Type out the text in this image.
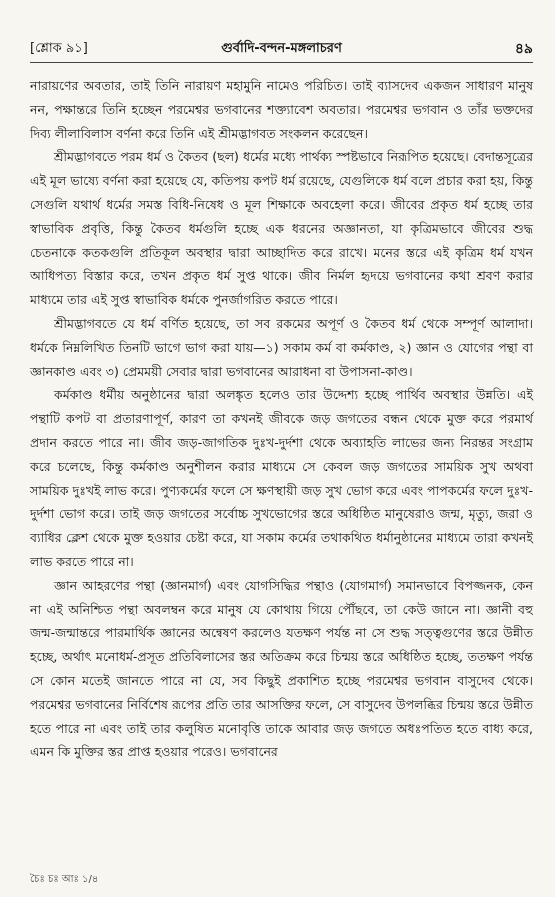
[শ্লোক ৯১]	গুর্বাদি-বন্দন-মঙ্গলাচরণ	৪৯

নারায়ণের অবতার, তাই তিনি নারায়ণ মহামুনি নামেও পরিচিত। তাই ব্যাসদেব একজন সাধারণ মানুষ নন, পক্ষান্তরে তিনি হচ্ছেন পরমেশ্বর ভগবানের শক্ত্যাবেশ অবতার। পরমেশ্বর ভগবান ও তাঁর ভক্তদের দিব্য লীলাবিলাস বর্ণনা করে তিনি এই শ্রীমদ্ভাগবত সংকলন করেছেন।

শ্রীমদ্ভাগবতে পরম ধর্ম ও কৈতব (ছল) ধর্মের মধ্যে পার্থক্য স্পষ্টভাবে নিরূপিত হয়েছে। বেদান্তসূত্রের এই মূল ভাষ্যে বর্ণনা করা হয়েছে যে, কতিপয় কপট ধর্ম রয়েছে, যেগুলিকে ধর্ম বলে প্রচার করা হয়, কিন্তু সেগুলি যথার্থ ধর্মের সমস্ত বিধি-নিষেধ ও মূল শিক্ষাকে অবহেলা করে। জীবের প্রকৃত ধর্ম হচ্ছে তার স্বাভাবিক প্রবৃত্তি, কিন্তু কৈতব ধর্মগুলি হচ্ছে এক ধরনের অজ্ঞানতা, যা কৃত্রিমভাবে জীবের শুদ্ধ চেতনাকে কতকগুলি প্রতিকূল অবস্থার দ্বারা আচ্ছাদিত করে রাখে। মনের স্তরে এই কৃত্রিম ধর্ম যখন আধিপত্য বিস্তার করে, তখন প্রকৃত ধর্ম সুপ্ত থাকে। জীব নির্মল হৃদয়ে ভগবানের কথা শ্রবণ করার মাধ্যমে তার এই সুপ্ত স্বাভাবিক ধর্মকে পুনর্জাগরিত করতে পারে।

শ্রীমদ্ভাগবতে যে ধর্ম বর্ণিত হয়েছে, তা সব রকমের অপূর্ণ ও কৈতব ধর্ম থেকে সম্পূর্ণ আলাদা। ধর্মকে নিম্নলিখিত তিনটি ভাগে ভাগ করা যায়—১) সকাম কর্ম বা কর্মকাণ্ড, ২) জ্ঞান ও যোগের পন্থা বা জ্ঞানকাণ্ড এবং ৩) প্রেমময়ী সেবার দ্বারা ভগবানের আরাধনা বা উপাসনা-কাণ্ড।

কর্মকাণ্ড ধর্মীয় অনুষ্ঠানের দ্বারা অলঙ্কৃত হলেও তার উদ্দেশ্য হচ্ছে পার্থিব অবস্থার উন্নতি। এই পন্থাটি কপট বা প্রতারণাপূর্ণ, কারণ তা কখনই জীবকে জড় জগতের বন্ধন থেকে মুক্ত করে পরমার্থ প্রদান করতে পারে না। জীব জড়-জাগতিক দুঃখ-দুর্দশা থেকে অব্যাহতি লাভের জন্য নিরন্তর সংগ্রাম করে চলেছে, কিন্তু কর্মকাণ্ড অনুশীলন করার মাধ্যমে সে কেবল জড় জগতের সাময়িক সুখ অথবা সাময়িক দুঃখই লাভ করে। পুণ্যকর্মের ফলে সে ক্ষণস্থায়ী জড় সুখ ভোগ করে এবং পাপকর্মের ফলে দুঃখ-দুর্দশা ভোগ করে। তাই জড় জগতের সর্বোচ্চ সুখভোগের স্তরে অধিষ্ঠিত মানুষেরাও জন্ম, মৃত্যু, জরা ও ব্যাধির ক্লেশ থেকে মুক্ত হওয়ার চেষ্টা করে, যা সকাম কর্মের তথাকথিত ধর্মানুষ্ঠানের মাধ্যমে তারা কখনই লাভ করতে পারে না।

জ্ঞান আহরণের পন্থা (জ্ঞানমার্গ) এবং যোগসিদ্ধির পন্থাও (যোগমার্গ) সমানভাবে বিপজ্জনক, কেন না এই অনিশ্চিত পন্থা অবলম্বন করে মানুষ যে কোথায় গিয়ে পৌঁছবে, তা কেউ জানে না। জ্ঞানী বহু জন্ম-জন্মান্তরে পারমার্থিক জ্ঞানের অন্বেষণ করলেও যতক্ষণ পর্যন্ত না সে শুদ্ধ সত্ত্বগুণের স্তরে উন্নীত হচ্ছে, অর্থাৎ মনোধর্ম-প্রসূত প্রতিবিলাসের স্তর অতিক্রম করে চিন্ময় স্তরে অধিষ্ঠিত হচ্ছে, ততক্ষণ পর্যন্ত সে কোন মতেই জানতে পারে না যে, সব কিছুই প্রকাশিত হচ্ছে পরমেশ্বর ভগবান বাসুদেব থেকে। পরমেশ্বর ভগবানের নির্বিশেষ রূপের প্রতি তার আসক্তির ফলে, সে বাসুদেব উপলব্ধির চিন্ময় স্তরে উন্নীত হতে পারে না এবং তাই তার কলুষিত মনোবৃত্তি তাকে আবার জড় জগতে অধঃপতিত হতে বাধ্য করে, এমন কি মুক্তির স্তর প্রাপ্ত হওয়ার পরেও। ভগবানের

চৈঃ চঃ আঃ ১/৪
